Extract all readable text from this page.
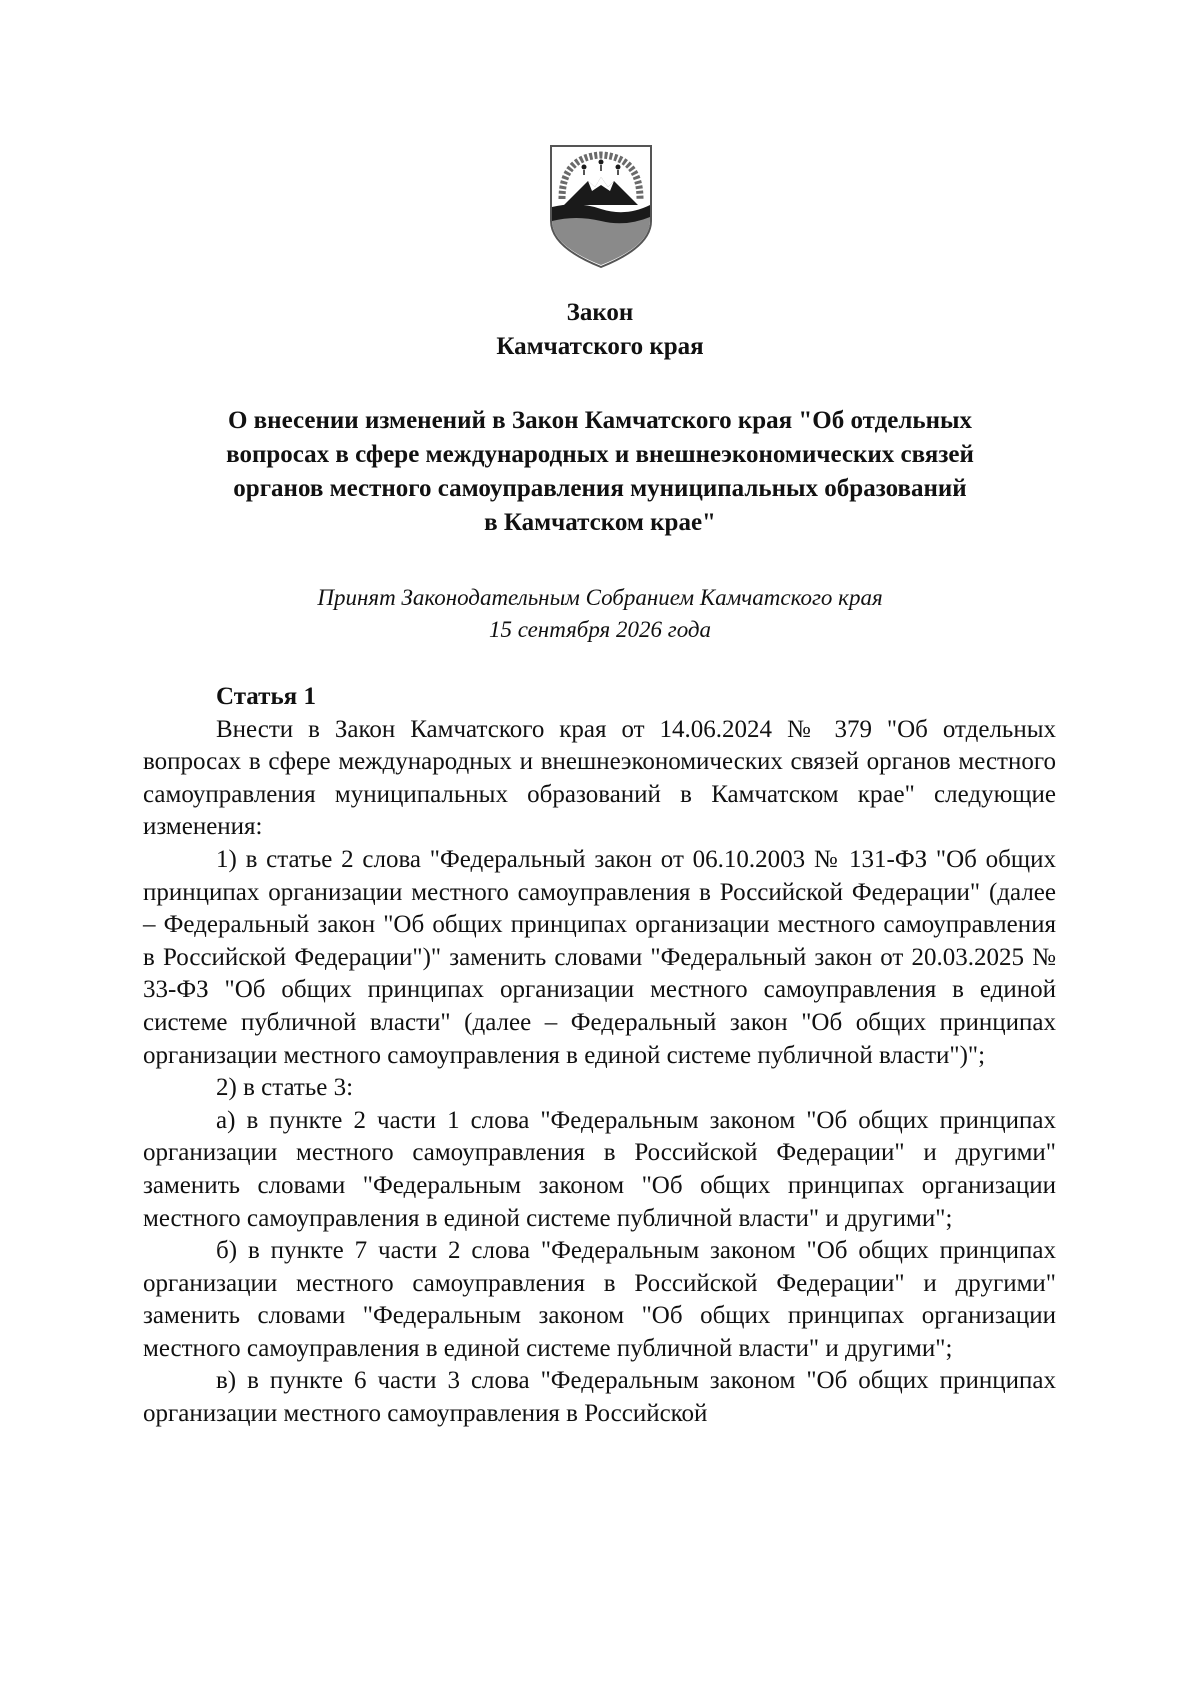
Закон
Камчатского края
О внесении изменений в Закон Камчатского края "Об отдельных
вопросах в сфере международных и внешнеэкономических связей
органов местного самоуправления муниципальных образований
в Камчатском крае"
Принят Законодательным Собранием Камчатского края
15 сентября 2026 года

Статья 1

Внести в Закон Камчатского края от 14.06.2024 № 379 "Об отдельных вопросах в сфере международных и внешнеэкономических связей органов местного самоуправления муниципальных образований в Камчатском крае" следующие изменения:

1) в статье 2 слова "Федеральный закон от 06.10.2003 № 131-ФЗ "Об общих принципах организации местного самоуправления в Российской Федерации" (далее – Федеральный закон "Об общих принципах организации местного самоуправления в Российской Федерации")" заменить словами "Федеральный закон от 20.03.2025 № 33-ФЗ "Об общих принципах организации местного самоуправления в единой системе публичной власти" (далее – Федеральный закон "Об общих принципах организации местного самоуправления в единой системе публичной власти")";

2) в статье 3:

а) в пункте 2 части 1 слова "Федеральным законом "Об общих принципах организации местного самоуправления в Российской Федерации" и другими" заменить словами "Федеральным законом "Об общих принципах организации местного самоуправления в единой системе публичной власти" и другими";

б) в пункте 7 части 2 слова "Федеральным законом "Об общих принципах организации местного самоуправления в Российской Федерации" и другими" заменить словами "Федеральным законом "Об общих принципах организации местного самоуправления в единой системе публичной власти" и другими";

в) в пункте 6 части 3 слова "Федеральным законом "Об общих принципах организации местного самоуправления в Российской
